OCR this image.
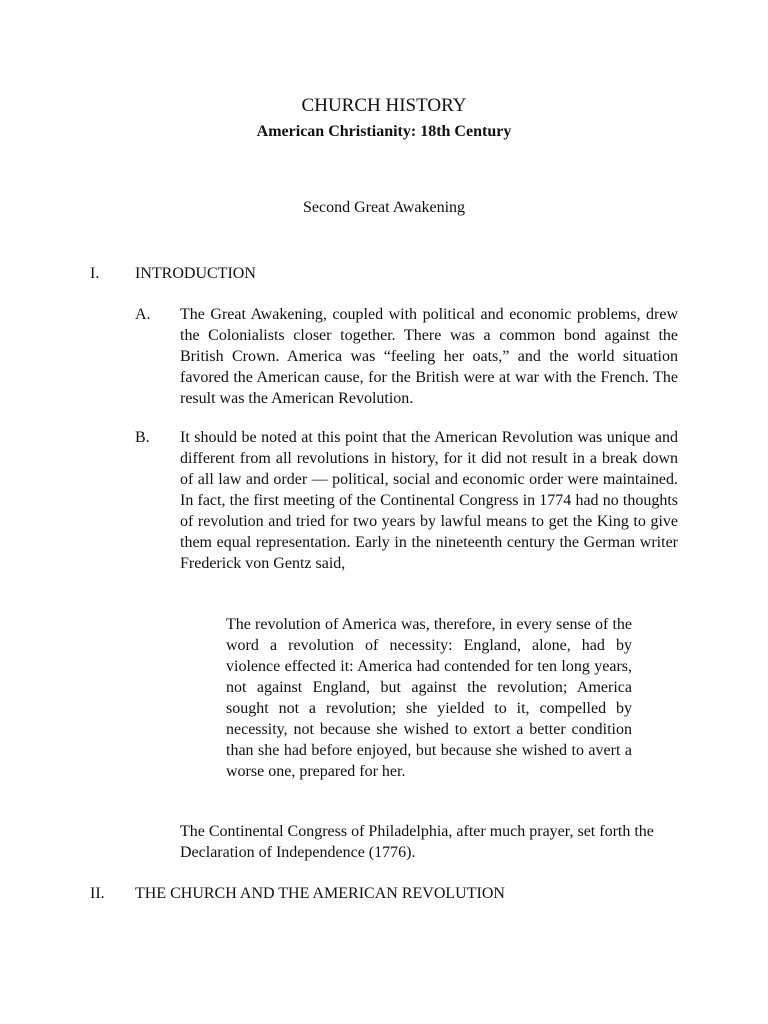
CHURCH HISTORY
American Christianity: 18th Century
Second Great Awakening
I. INTRODUCTION
A. The Great Awakening, coupled with political and economic problems, drew the Colonialists closer together. There was a common bond against the British Crown. America was “feeling her oats,” and the world situation favored the American cause, for the British were at war with the French. The result was the American Revolution.
B. It should be noted at this point that the American Revolution was unique and different from all revolutions in history, for it did not result in a break down of all law and order — political, social and economic order were maintained. In fact, the first meeting of the Continental Congress in 1774 had no thoughts of revolution and tried for two years by lawful means to get the King to give them equal representation. Early in the nineteenth century the German writer Frederick von Gentz said,
The revolution of America was, therefore, in every sense of the word a revolution of necessity: England, alone, had by violence effected it: America had contended for ten long years, not against England, but against the revolution; America sought not a revolution; she yielded to it, compelled by necessity, not because she wished to extort a better condition than she had before enjoyed, but because she wished to avert a worse one, prepared for her.
The Continental Congress of Philadelphia, after much prayer, set forth the Declaration of Independence (1776).
II. THE CHURCH AND THE AMERICAN REVOLUTION
